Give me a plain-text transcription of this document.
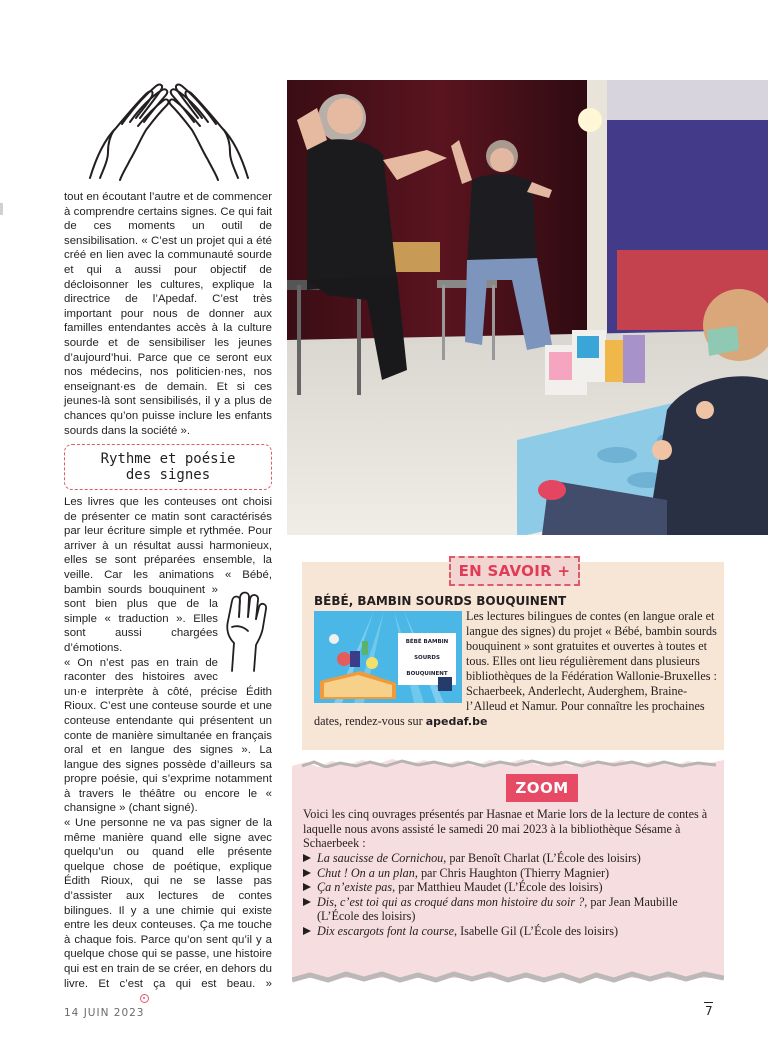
tout en écoutant l’autre et de commencer à comprendre certains signes. Ce qui fait de ces moments un outil de sensibilisation. « C’est un projet qui a été créé en lien avec la communauté sourde et qui a aussi pour objectif de décloisonner les cultures, explique la directrice de l’Apedaf. C’est très important pour nous de donner aux familles entendantes accès à la culture sourde et de sensibiliser les jeunes d’aujourd’hui. Parce que ce seront eux nos médecins, nos politicien·nes, nos enseignant·es de demain. Et si ces jeunes-là sont sensibilisés, il y a plus de chances qu’on puisse inclure les enfants sourds dans la société ».

Rythme et poésie
des signes

Les livres que les conteuses ont choisi de présenter ce matin sont caractérisés par leur écriture simple et rythmée. Pour arriver à un résultat aussi harmonieux, elles se sont préparées ensemble, la veille. Car les animations « Bébé, bambin sourds bouquinent » sont bien plus que de la simple « traduction ». Elles sont aussi chargées d’émotions.

« On n’est pas en train de raconter des histoires avec un·e interprète à côté, précise Édith Rioux. C’est une conteuse sourde et une conteuse entendante qui présentent un conte de manière simultanée en français oral et en langue des signes ». La langue des signes possède d’ailleurs sa propre poésie, qui s’exprime notamment à travers le théâtre ou encore le « chansigne » (chant signé).

« Une personne ne va pas signer de la même manière quand elle signe avec quelqu’un ou quand elle présente quelque chose de poétique, explique Édith Rioux, qui ne se lasse pas d’assister aux lectures de contes bilingues. Il y a une chimie qui existe entre les deux conteuses. Ça me touche à chaque fois. Parce qu’on sent qu’il y a quelque chose qui se passe, une histoire qui est en train de se créer, en dehors du livre. Et c’est ça qui est beau. »

EN SAVOIR +
BÉBÉ, BAMBIN SOURDS BOUQUINENT
BÉBÉ BAMBIN
SOURDS
BOUQUINENT

Les lectures bilingues de contes (en langue orale et langue des signes) du projet « Bébé, bambin sourds bouquinent » sont gratuites et ouvertes à toutes et tous. Elles ont lieu régulièrement dans plusieurs bibliothèques de la Fédération Wallonie-Bruxelles : Schaerbeek, Anderlecht, Auderghem, Braine-l’Alleud et Namur. Pour connaître les prochaines dates, rendez-vous sur apedaf.be

ZOOM

Voici les cinq ouvrages présentés par Hasnae et Marie lors de la lecture de contes à laquelle nous avons assisté le samedi 20 mai 2023 à la bibliothèque Sésame à Schaerbeek :

La saucisse de Cornichou, par Benoît Charlat (L’École des loisirs)
Chut ! On a un plan, par Chris Haughton (Thierry Magnier)
Ça n’existe pas, par Matthieu Maudet (L’École des loisirs)
Dis, c’est toi qui as croqué dans mon histoire du soir ?, par Jean Maubille (L’École des loisirs)
Dix escargots font la course, Isabelle Gil (L’École des loisirs)
14 JUIN 2023	7
